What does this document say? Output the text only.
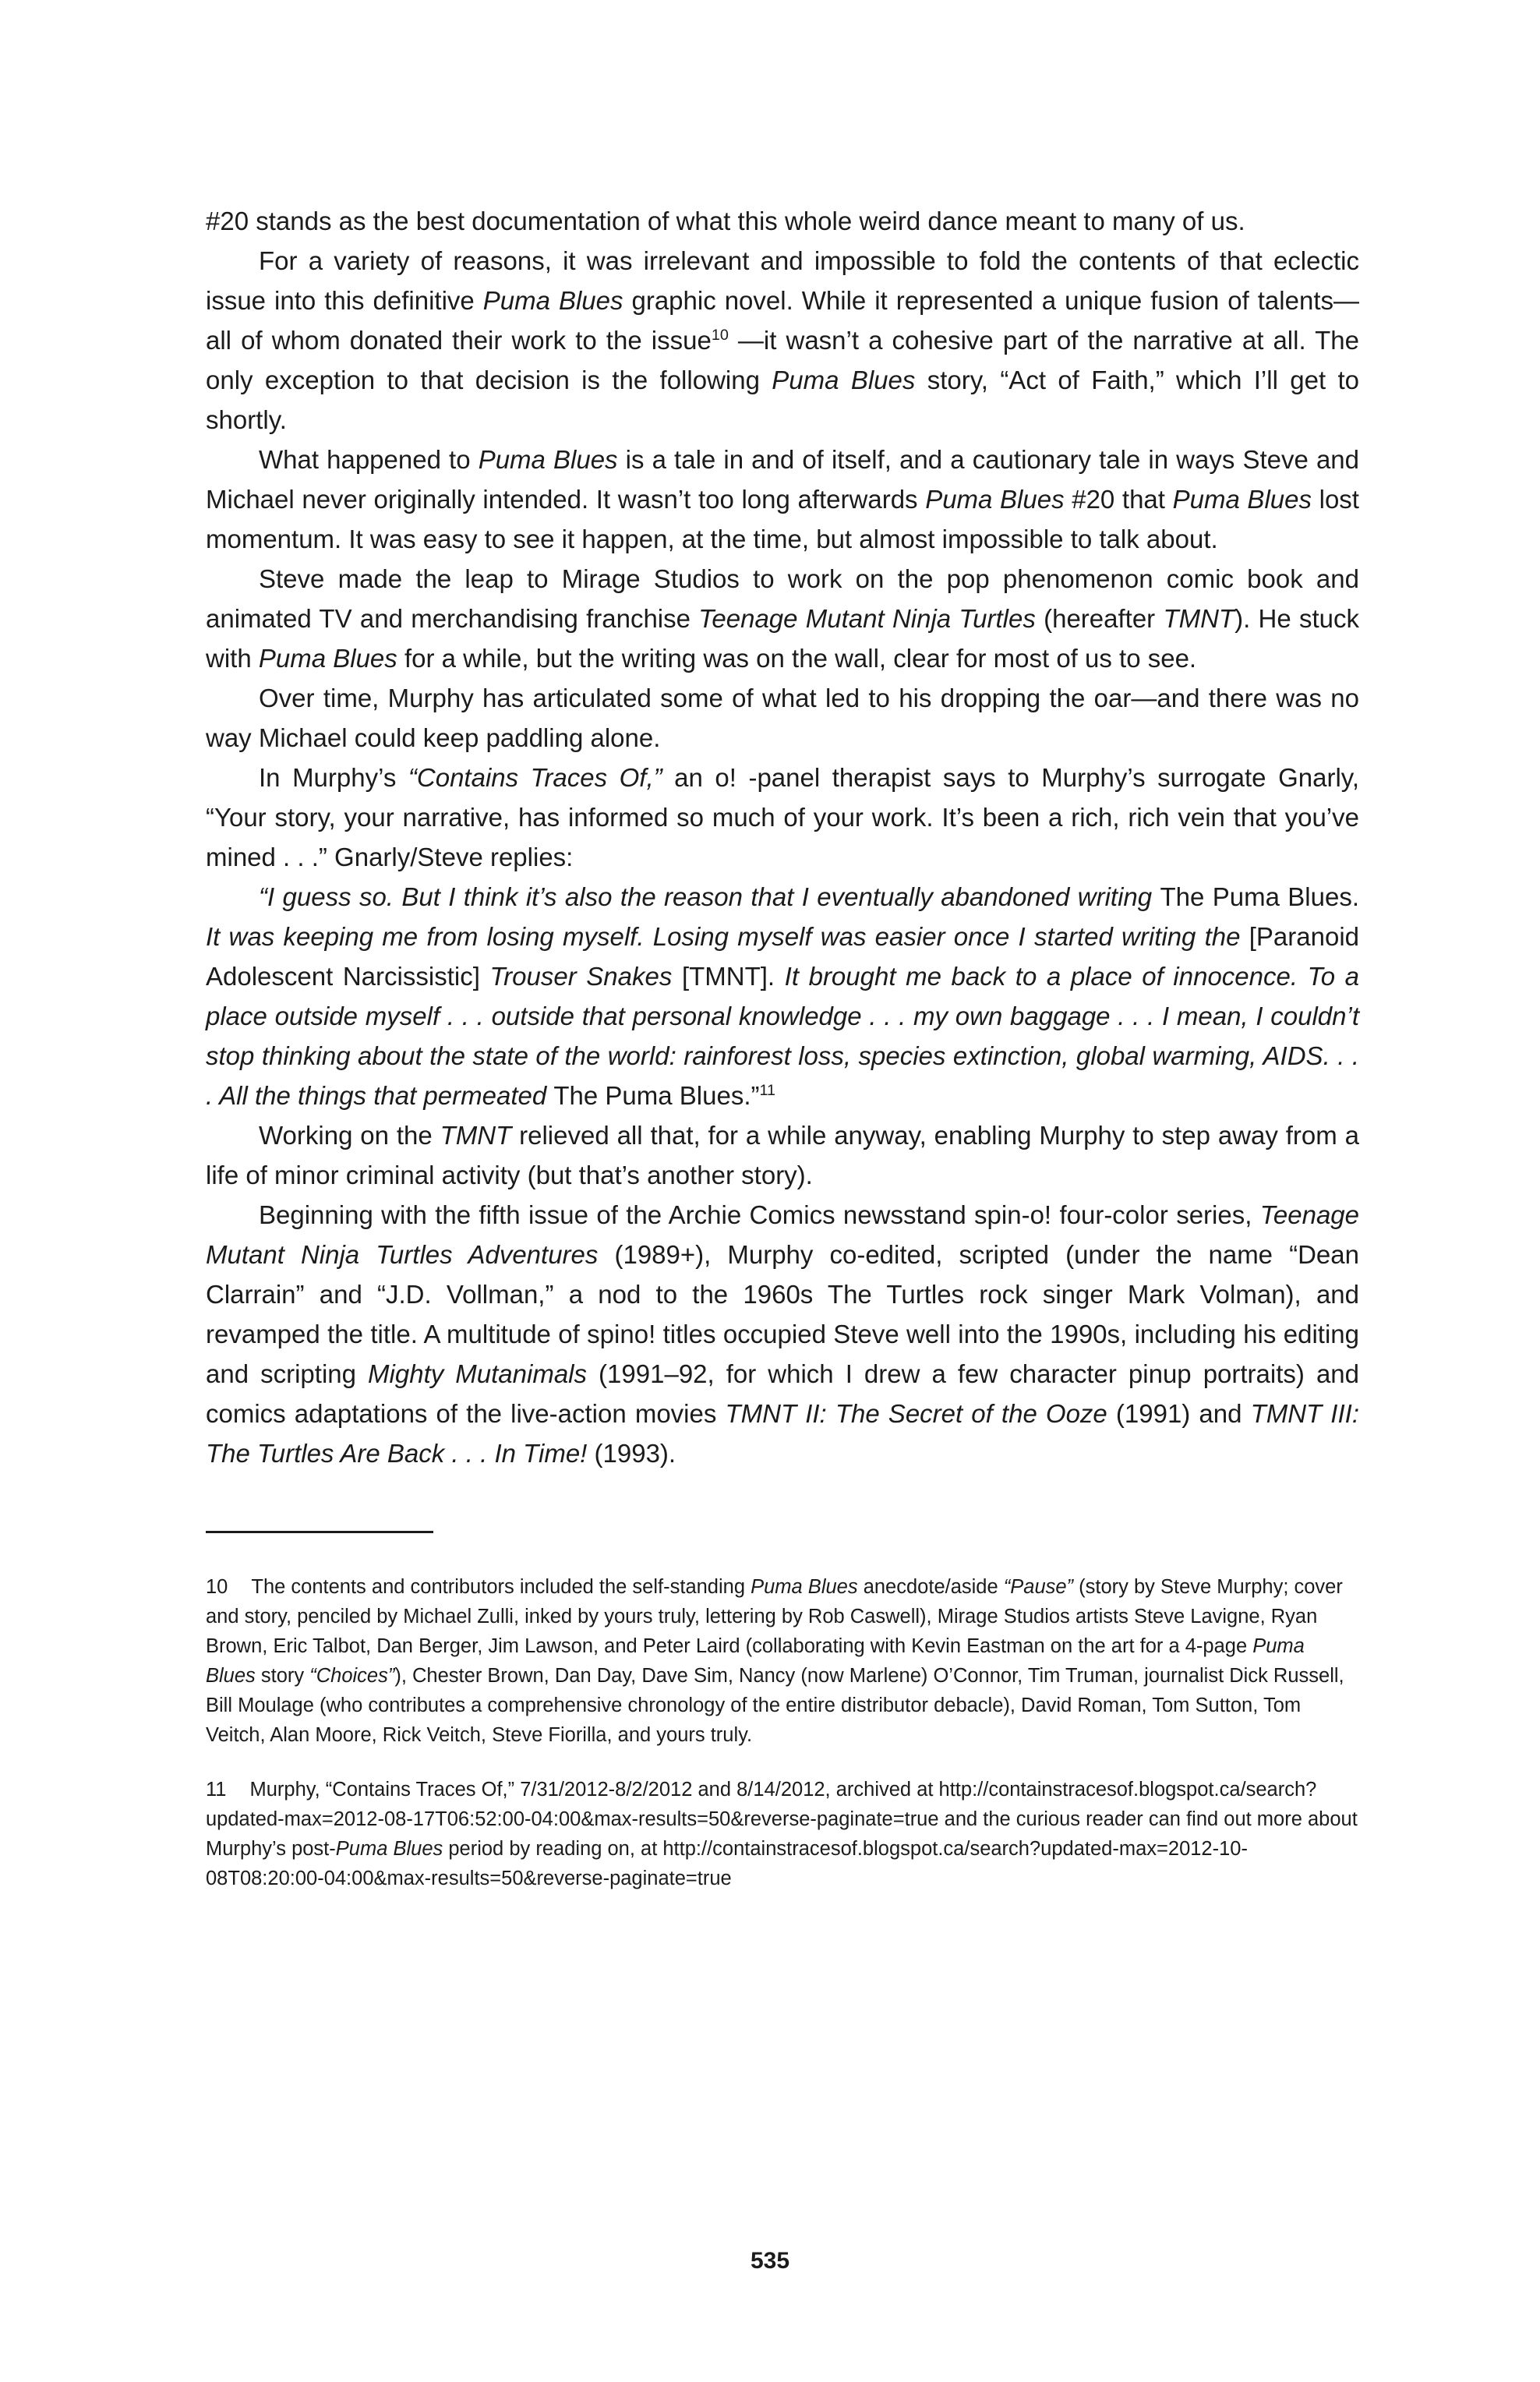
#20 stands as the best documentation of what this whole weird dance meant to many of us.

For a variety of reasons, it was irrelevant and impossible to fold the contents of that eclectic issue into this definitive Puma Blues graphic novel. While it represented a unique fusion of talents—all of whom donated their work to the issue$^{10}$ —it wasn’t a cohesive part of the narrative at all. The only exception to that decision is the following Puma Blues story, “Act of Faith,” which I’ll get to shortly.

What happened to Puma Blues is a tale in and of itself, and a cautionary tale in ways Steve and Michael never originally intended. It wasn’t too long afterwards Puma Blues #20 that Puma Blues lost momentum. It was easy to see it happen, at the time, but almost impossible to talk about.

Steve made the leap to Mirage Studios to work on the pop phenomenon comic book and animated TV and merchandising franchise Teenage Mutant Ninja Turtles (hereafter TMNT). He stuck with Puma Blues for a while, but the writing was on the wall, clear for most of us to see.

Over time, Murphy has articulated some of what led to his dropping the oar—and there was no way Michael could keep paddling alone.

In Murphy’s “Contains Traces Of,” an o! -panel therapist says to Murphy’s surrogate Gnarly, “Your story, your narrative, has informed so much of your work. It’s been a rich, rich vein that you’ve mined . . .” Gnarly/Steve replies:

“I guess so. But I think it’s also the reason that I eventually abandoned writing The Puma Blues. It was keeping me from losing myself. Losing myself was easier once I started writing the [Paranoid Adolescent Narcissistic] Trouser Snakes [TMNT]. It brought me back to a place of innocence. To a place outside myself . . . outside that personal knowledge . . . my own baggage . . . I mean, I couldn’t stop thinking about the state of the world: rainforest loss, species extinction, global warming, AIDS. . . . All the things that permeated The Puma Blues.”$^{11}$

Working on the TMNT relieved all that, for a while anyway, enabling Murphy to step away from a life of minor criminal activity (but that’s another story).

Beginning with the fifth issue of the Archie Comics newsstand spin-o! four-color series, Teenage Mutant Ninja Turtles Adventures (1989+), Murphy co-edited, scripted (under the name “Dean Clarrain” and “J.D. Vollman,” a nod to the 1960s The Turtles rock singer Mark Volman), and revamped the title. A multitude of spino! titles occupied Steve well into the 1990s, including his editing and scripting Mighty Mutanimals (1991–92, for which I drew a few character pinup portraits) and comics adaptations of the live-action movies TMNT II: The Secret of the Ooze (1991) and TMNT III: The Turtles Are Back . . . In Time! (1993).

10 The contents and contributors included the self-standing Puma Blues anecdote/aside “Pause” (story by Steve Murphy; cover and story, penciled by Michael Zulli, inked by yours truly, lettering by Rob Caswell), Mirage Studios artists Steve Lavigne, Ryan Brown, Eric Talbot, Dan Berger, Jim Lawson, and Peter Laird (collaborating with Kevin Eastman on the art for a 4-page Puma Blues story “Choices”), Chester Brown, Dan Day, Dave Sim, Nancy (now Marlene) O’Connor, Tim Truman, journalist Dick Russell, Bill Moulage (who contributes a comprehensive chronology of the entire distributor debacle), David Roman, Tom Sutton, Tom Veitch, Alan Moore, Rick Veitch, Steve Fiorilla, and yours truly.

11 Murphy, “Contains Traces Of,” 7/31/2012-8/2/2012 and 8/14/2012, archived at http://containstracesof.blogspot.ca/search?updated-max=2012-08-17T06:52:00-04:00&max-results=50&reverse-paginate=true and the curious reader can find out more about Murphy’s post-Puma Blues period by reading on, at http://containstracesof.blogspot.ca/search?updated-max=2012-10-08T08:20:00-04:00&max-results=50&reverse-paginate=true

535
